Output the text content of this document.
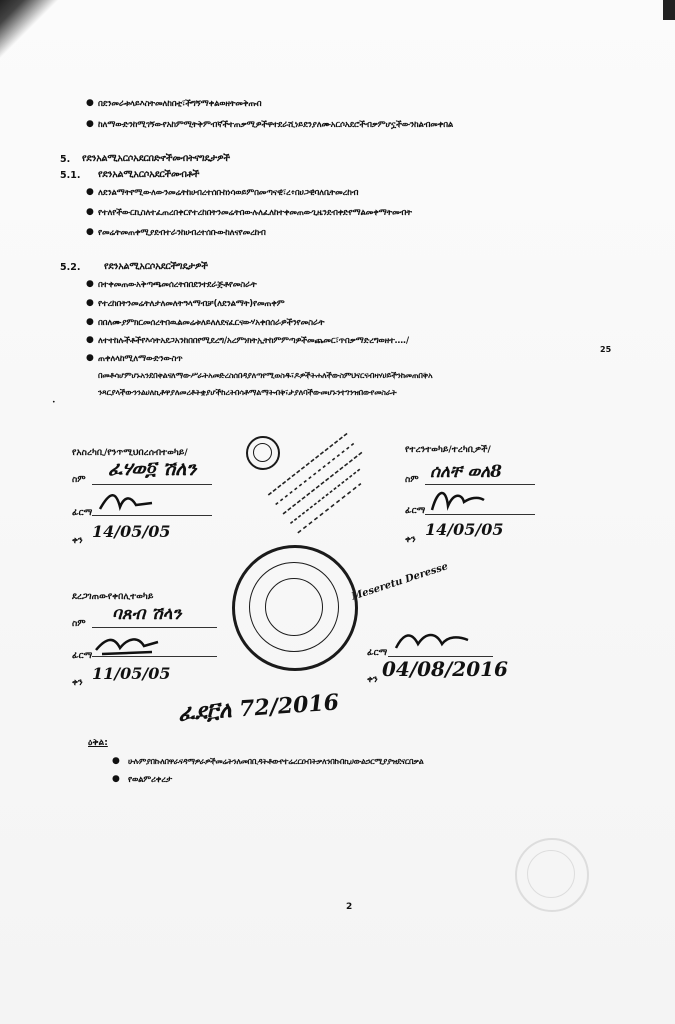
● በደንመራቱላይእስትመለከበቲ፣ችግኝማቀልወዘትመቅጡበ
● ከለማውድንከሚገኝውየአከምሚትቅምብኛችተጠቃሚዎችዋተደራሺነይደንያለሙአርሶአደሮችብቃምሆኗችውንከልብመቀበል
5. የደንአልሚአርሶአደርበድኖችመብትናግዴታዎች
5.1. የደንአልሚአርሶአደርችመብቶች
● ለደንልማትየሚውለውንመሬትከሀብረተሰቡከነሳወይምበመጣናዊ፣ረ፥በሀጋዊባለቤትመረከብ
● የተለየችውርኪስለተፈጠረበቀርየተረከበትንመሬትበውሉለፈለከተቀመጠውጊዜንደብቀድየማልመቀማትመብት
● የመሬትመጠቀሚያደብተራንከሀብረተሰቡውከለናየመረከብ
5.2. የደንአልሚአርሶአደርችግዴታዎች
● በተቀመጠውአቅጣጫመሰረትበበደንተደራጅቶየመስራት
● የተረከበትንመሬትለታለመለትዓላማብቻ(ለደንልማት)የመጠቀም
● በበለሙያምክርመሰረትበዉልመሬቱለይለለደናፈርናውሃአቀበሰራዎችንየመስራት
● ለተተከሉችቶችየእሳትአደጋአንከበበየሚደረግ/አረምነክትኢትከምምጣዎችመጨመር፣ጥበቃማድረግወዘተ…./
● ጠቀለላከሚለማውድንውስጥ
25
በመቶሳሆምሆኑአንደበቀልናለማውሥራትአመድረስሰበዳያለጣየሚወስዱ፣ዶዎችትሐለችውስምህናርናብዛሃሀይችንከመጠበቅአ
ንጻርያላችውንንልሀለኪቶዋያለመረቶትቋያሆችከረትበሳቶማልማትብቅ፣ታያለባችውመሆኑንተገንዝበውየመስራት
•
የአስረካቢ/የንጥሚህበረሰብተወካይ/
ስም ፈሃወ፬ ሽለን
ፊርማ
ቀን 14/05/05
የተረንተወካይ/ተረካቢዎች/
ስም ሰለቸ ወለ8
ፊርማ
ቀን
14/05/05
ደረጋገጠውየቀበሊተወካይ
ስም ባጸብ ሽላን
ፊርማ
ቀን 11/05/05
Meseretu Deresse
ፊርማ
ቀን 04/08/2016
ፈደ፫ለ 72/2016
ዕቅል:
● ሁሉምያበኩለበዋራናዳማዎራዎችመሬትንለመበቢዳትቶውየተሬረርዑበትቃለንበኩበኪሀውልኃርሚያያዝደናርበቃል
● የወልምሪቀረታ
2
